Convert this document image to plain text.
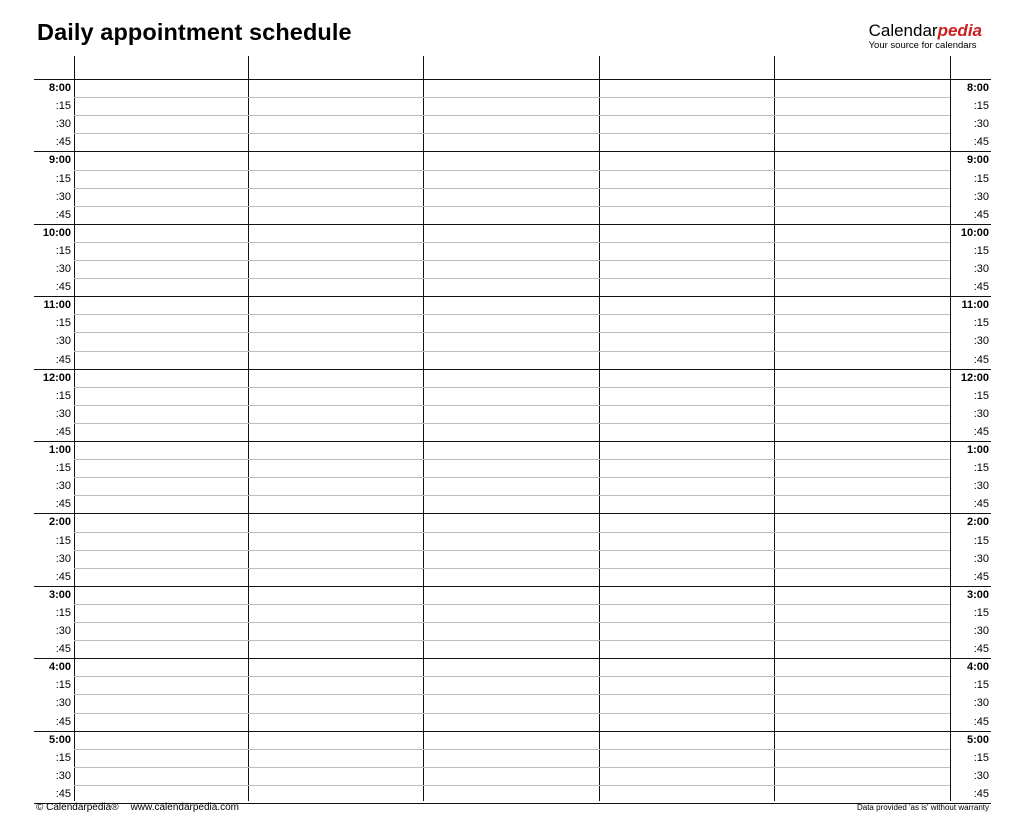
Daily appointment schedule	Calendarpedia
Your source for calendars
8:00	8:00
:15	:15
:30	:30
:45	:45
9:00	9:00
:15	:15
:30	:30
:45	:45
10:00	10:00
:15	:15
:30	:30
:45	:45
11:00	11:00
:15	:15
:30	:30
:45	:45
12:00	12:00
:15	:15
:30	:30
:45	:45
1:00	1:00
:15	:15
:30	:30
:45	:45
2:00	2:00
:15	:15
:30	:30
:45	:45
3:00	3:00
:15	:15
:30	:30
:45	:45
4:00	4:00
:15	:15
:30	:30
:45	:45
5:00	5:00
:15	:15
:30	:30
:45	:45
© Calendarpedia® www.calendarpedia.com	Data provided 'as is' without warranty
